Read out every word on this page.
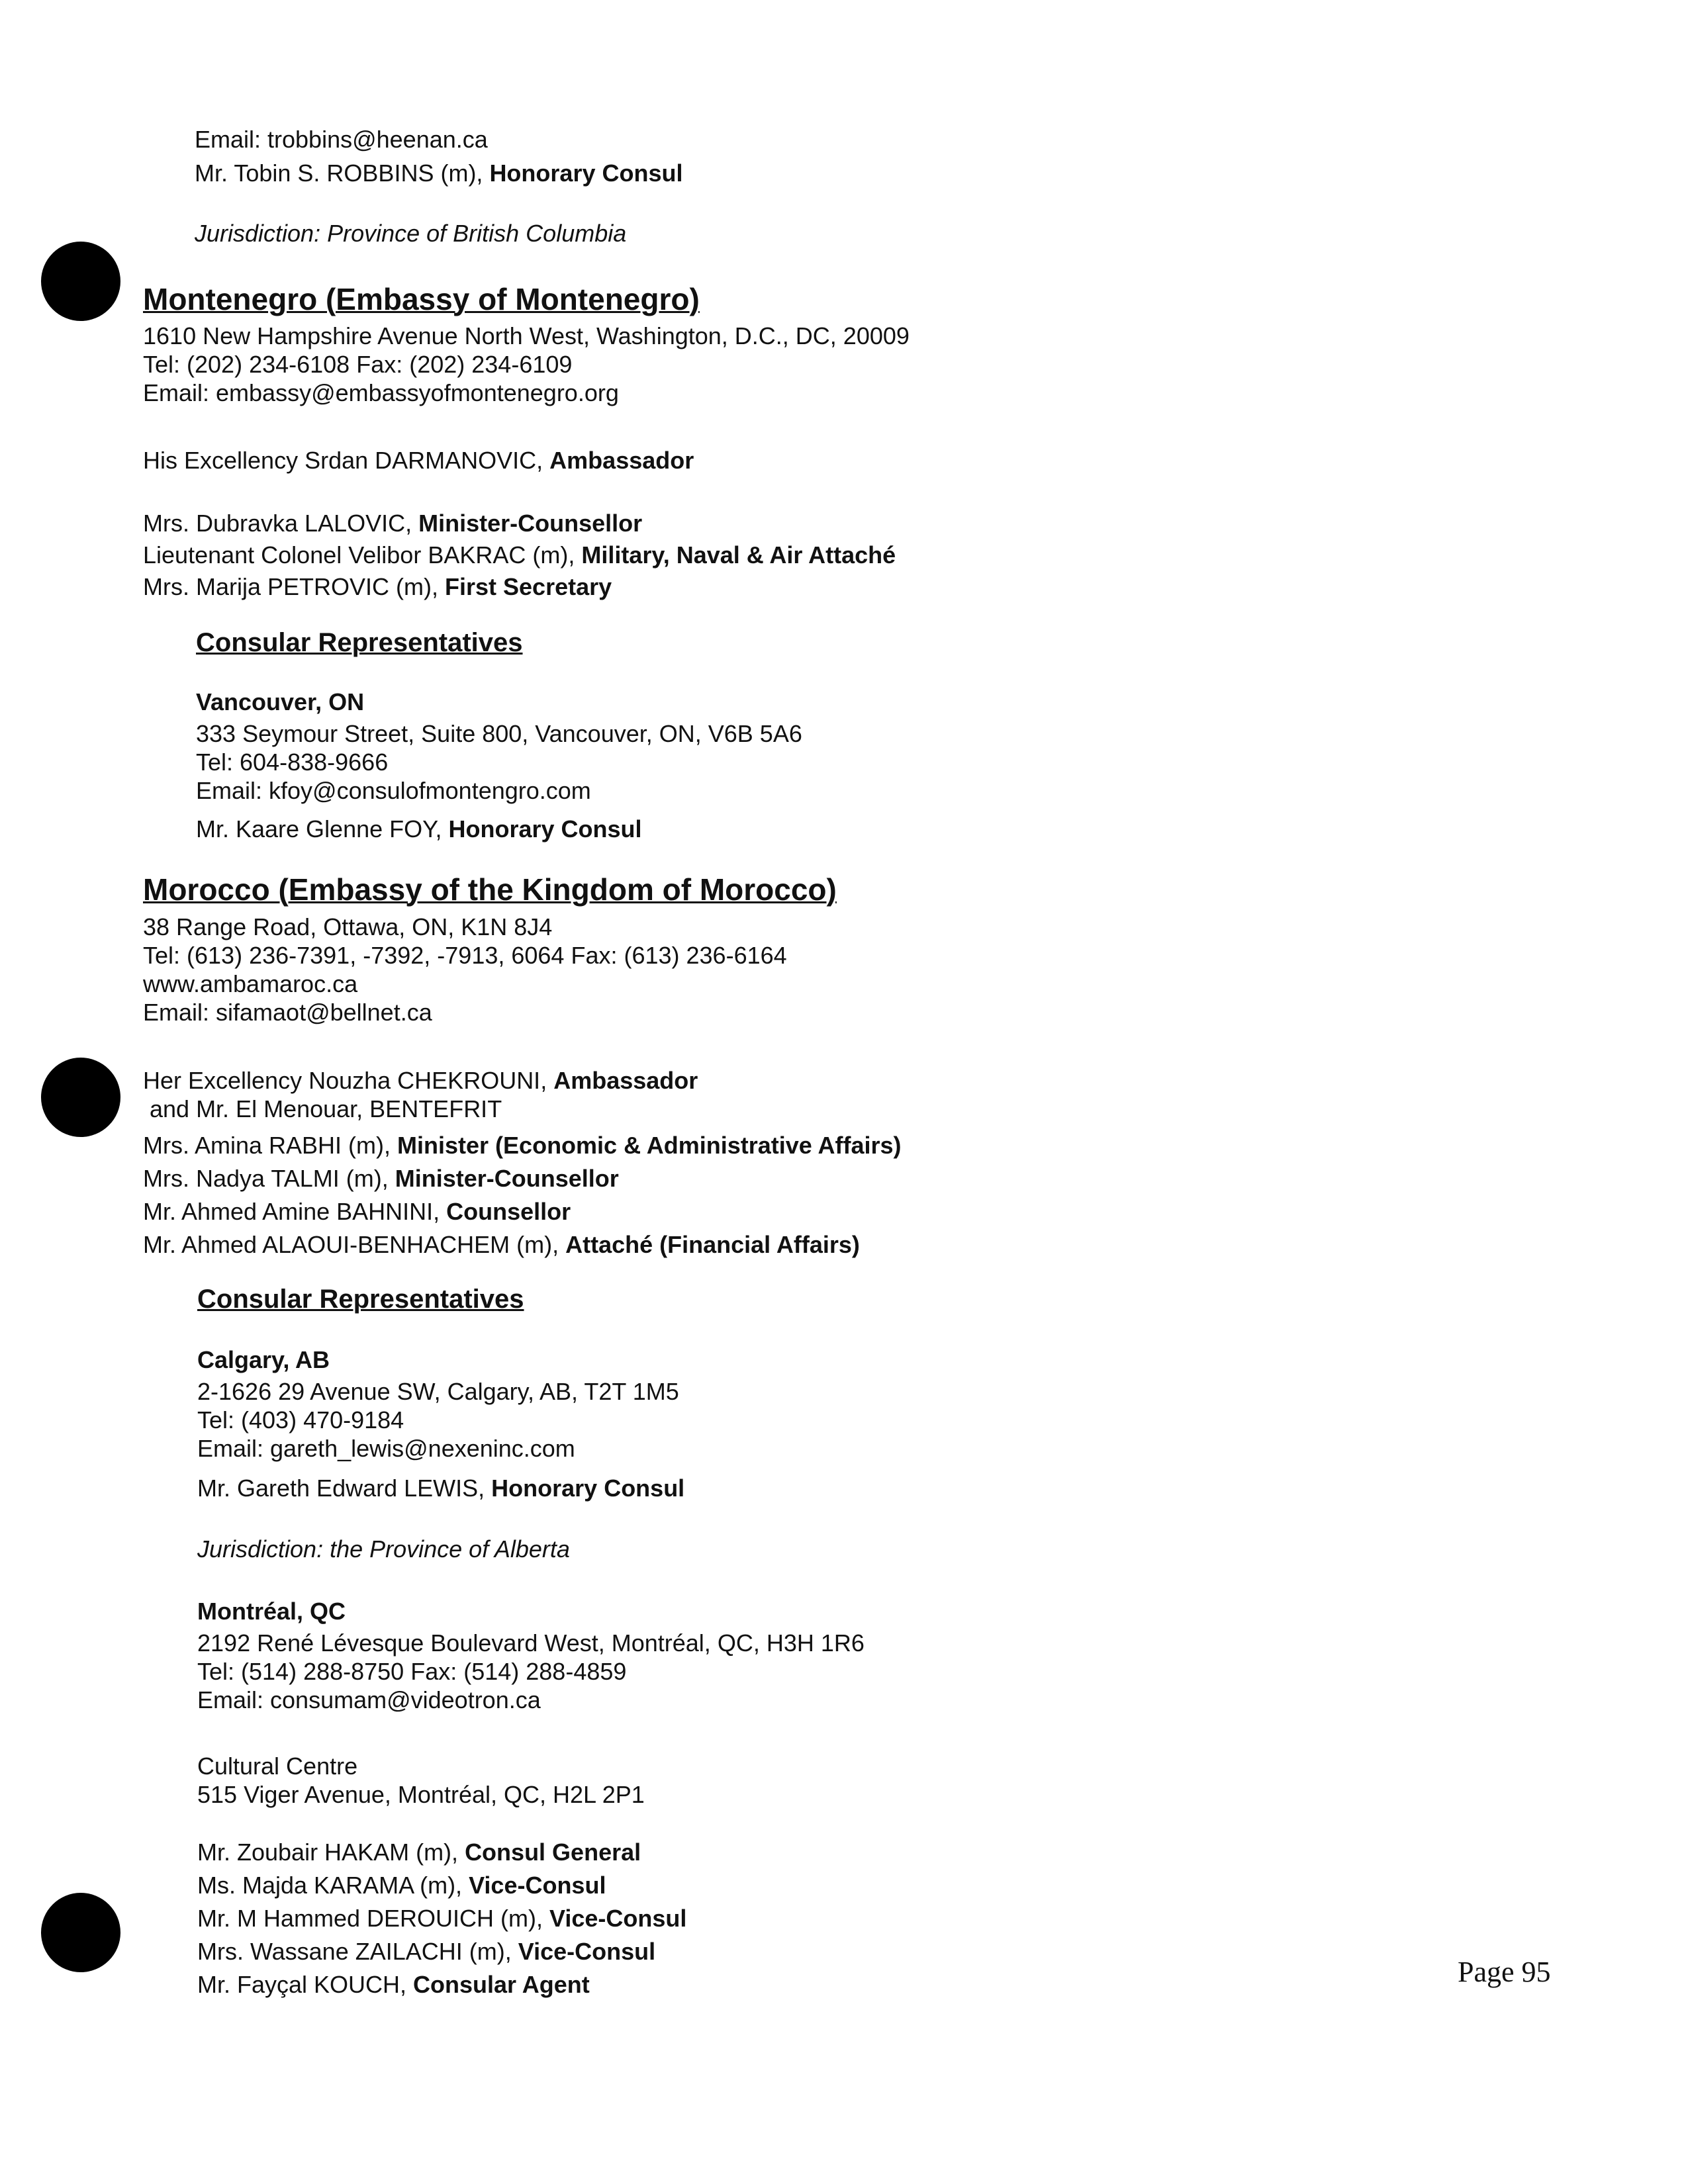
Email: trobbins@heenan.ca
Mr. Tobin S. ROBBINS (m), Honorary Consul
Jurisdiction: Province of British Columbia
Montenegro (Embassy of Montenegro)
1610 New Hampshire Avenue North West, Washington, D.C., DC, 20009
Tel: (202) 234-6108 Fax: (202) 234-6109
Email: embassy@embassyofmontenegro.org
His Excellency Srdan DARMANOVIC, Ambassador
Mrs. Dubravka LALOVIC, Minister-Counsellor
Lieutenant Colonel Velibor BAKRAC (m), Military, Naval & Air Attaché
Mrs. Marija PETROVIC (m), First Secretary
Consular Representatives
Vancouver, ON
333 Seymour Street, Suite 800, Vancouver, ON, V6B 5A6
Tel: 604-838-9666
Email: kfoy@consulofmontengro.com
Mr. Kaare Glenne FOY, Honorary Consul
Morocco (Embassy of the Kingdom of Morocco)
38 Range Road, Ottawa, ON, K1N 8J4
Tel: (613) 236-7391, -7392, -7913, 6064 Fax: (613) 236-6164
www.ambamaroc.ca
Email: sifamaot@bellnet.ca
Her Excellency Nouzha CHEKROUNI, Ambassador
and Mr. El Menouar, BENTEFRIT
Mrs. Amina RABHI (m), Minister (Economic & Administrative Affairs)
Mrs. Nadya TALMI (m), Minister-Counsellor
Mr. Ahmed Amine BAHNINI, Counsellor
Mr. Ahmed ALAOUI-BENHACHEM (m), Attaché (Financial Affairs)
Consular Representatives
Calgary, AB
2-1626 29 Avenue SW, Calgary, AB, T2T 1M5
Tel: (403) 470-9184
Email: gareth_lewis@nexeninc.com
Mr. Gareth Edward LEWIS, Honorary Consul
Jurisdiction: the Province of Alberta
Montréal, QC
2192 René Lévesque Boulevard West, Montréal, QC, H3H 1R6
Tel: (514) 288-8750 Fax: (514) 288-4859
Email: consumam@videotron.ca
Cultural Centre
515 Viger Avenue, Montréal, QC, H2L 2P1
Mr. Zoubair HAKAM (m), Consul General
Ms. Majda KARAMA (m), Vice-Consul
Mr. M Hammed DEROUICH (m), Vice-Consul
Mrs. Wassane ZAILACHI (m), Vice-Consul
Mr. Fayçal KOUCH, Consular Agent	Page 95
